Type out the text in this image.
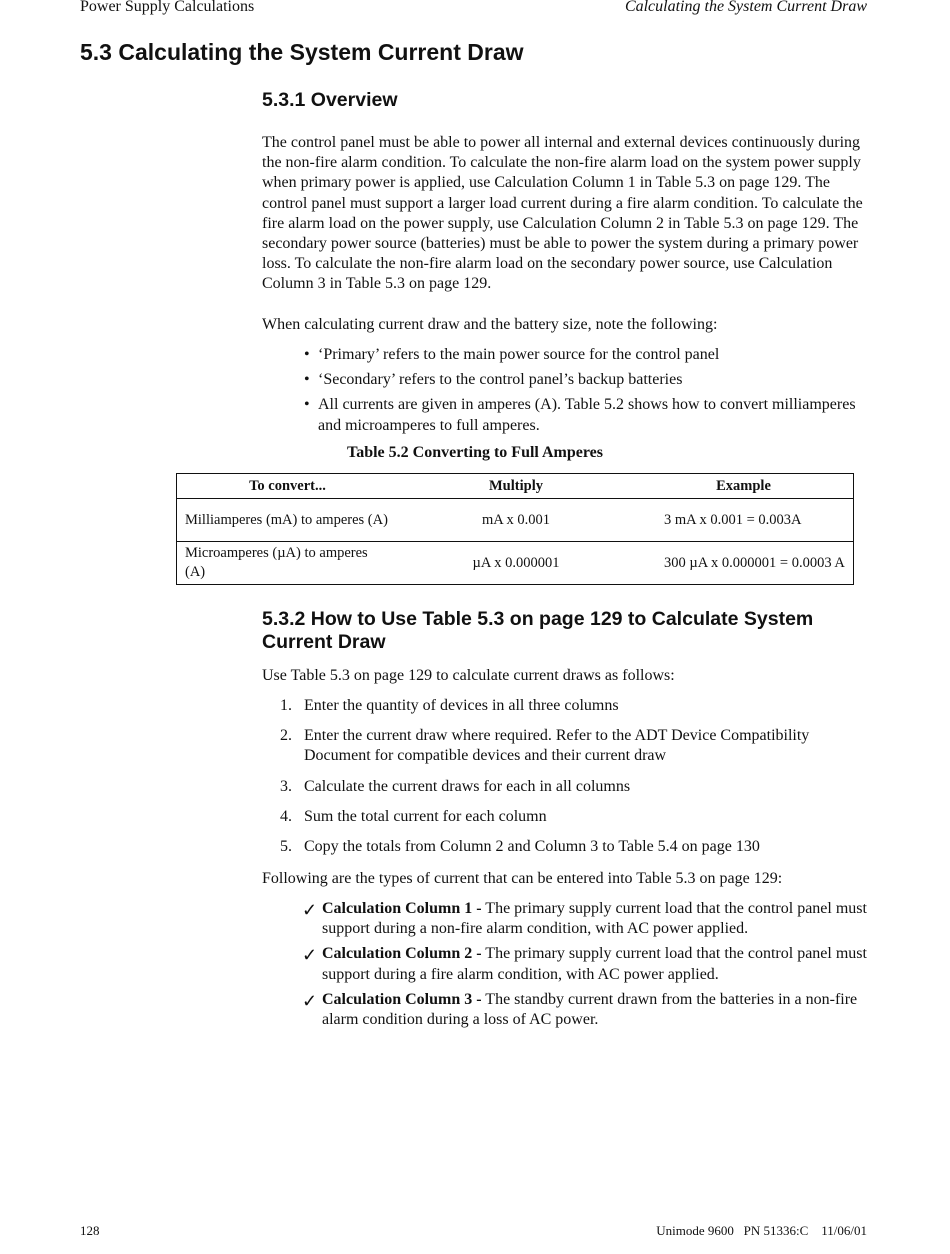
Power Supply Calculations	Calculating the System Current Draw
5.3 Calculating the System Current Draw
5.3.1 Overview

The control panel must be able to power all internal and external devices continuously during the non-fire alarm condition. To calculate the non-fire alarm load on the system power supply when primary power is applied, use Calculation Column 1 in Table 5.3 on page 129. The control panel must support a larger load current during a fire alarm condition. To calculate the fire alarm load on the power supply, use Calculation Column 2 in Table 5.3 on page 129. The secondary power source (batteries) must be able to power the system during a primary power loss. To calculate the non-fire alarm load on the secondary power source, use Calculation Column 3 in Table 5.3 on page 129.

When calculating current draw and the battery size, note the following:
• ‘Primary’ refers to the main power source for the control panel
• ‘Secondary’ refers to the control panel’s backup batteries
• All currents are given in amperes (A). Table 5.2 shows how to convert milliamperes and microamperes to full amperes.
Table 5.2 Converting to Full Amperes
To convert...	Multiply	Example
Milliamperes (mA) to amperes (A)	mA x 0.001	3 mA x 0.001 = 0.003A
Microamperes (µA) to amperes (A)	µA x 0.000001	300 µA x 0.000001 = 0.0003 A
5.3.2 How to Use Table 5.3 on page 129 to Calculate System Current Draw
Use Table 5.3 on page 129 to calculate current draws as follows:
1. Enter the quantity of devices in all three columns
2. Enter the current draw where required. Refer to the ADT Device Compatibility Document for compatible devices and their current draw
3. Calculate the current draws for each in all columns
4. Sum the total current for each column
5. Copy the totals from Column 2 and Column 3 to Table 5.4 on page 130
Following are the types of current that can be entered into Table 5.3 on page 129:
✓ Calculation Column 1 - The primary supply current load that the control panel must support during a non-fire alarm condition, with AC power applied.
✓ Calculation Column 2 - The primary supply current load that the control panel must support during a fire alarm condition, with AC power applied.
✓ Calculation Column 3 - The standby current drawn from the batteries in a non-fire alarm condition during a loss of AC power.
128	Unimode 9600   PN 51336:C    11/06/01
